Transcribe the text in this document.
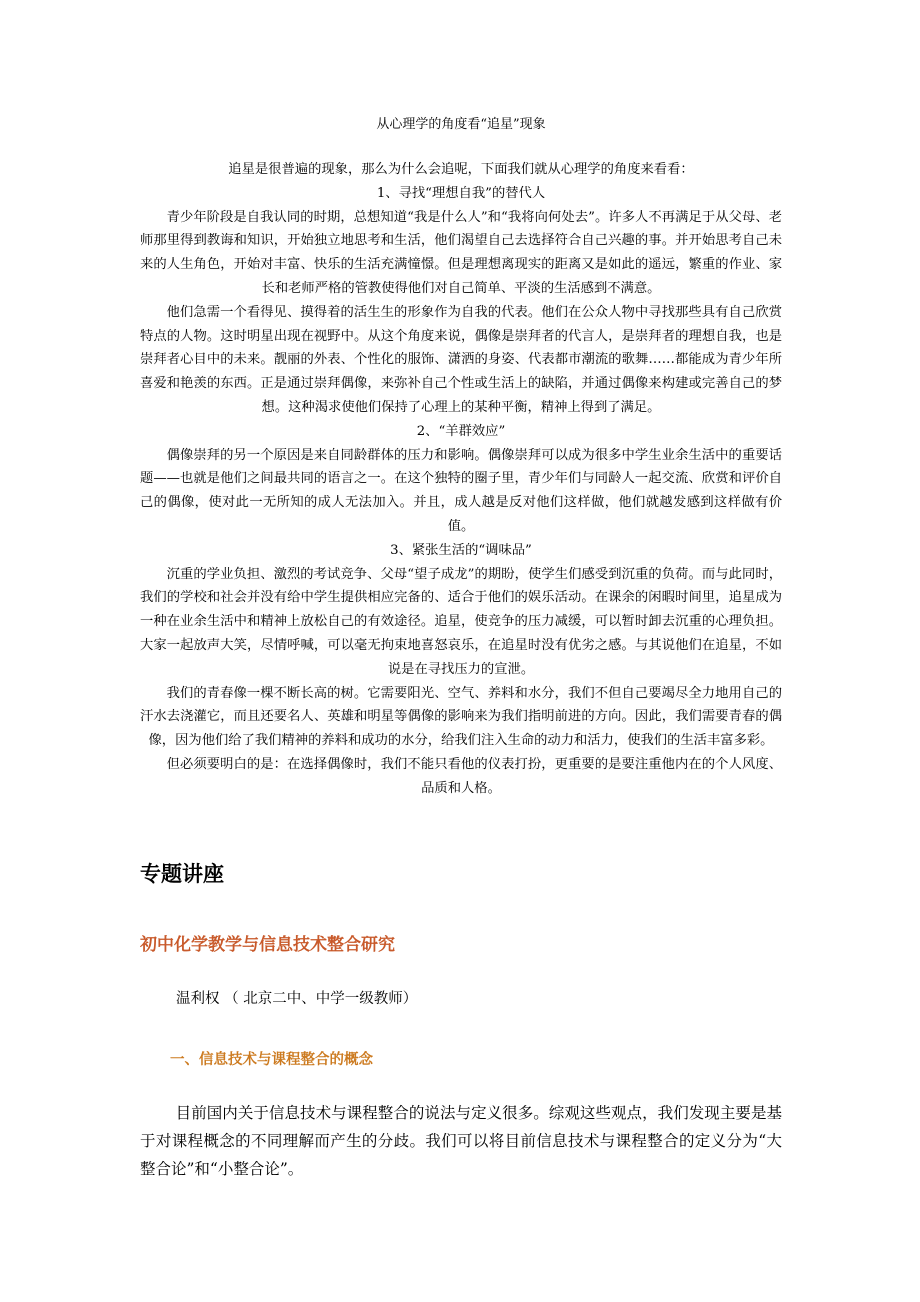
从心理学的角度看“追星”现象

追星是很普遍的现象，那么为什么会追呢，下面我们就从心理学的角度来看看：

1、寻找“理想自我”的替代人

青少年阶段是自我认同的时期，总想知道“我是什么人”和“我将向何处去”。许多人不再满足于从父母、老师那里得到教诲和知识，开始独立地思考和生活，他们渴望自己去选择符合自己兴趣的事。并开始思考自己未来的人生角色，开始对丰富、快乐的生活充满憧憬。但是理想离现实的距离又是如此的遥远，繁重的作业、家长和老师严格的管教使得他们对自己简单、平淡的生活感到不满意。

他们急需一个看得见、摸得着的活生生的形象作为自我的代表。他们在公众人物中寻找那些具有自己欣赏特点的人物。这时明星出现在视野中。从这个角度来说，偶像是崇拜者的代言人，是崇拜者的理想自我，也是崇拜者心目中的未来。靓丽的外表、个性化的服饰、潇洒的身姿、代表都市潮流的歌舞……都能成为青少年所喜爱和艳羡的东西。正是通过崇拜偶像，来弥补自己个性或生活上的缺陷，并通过偶像来构建或完善自己的梦想。这种渴求使他们保持了心理上的某种平衡，精神上得到了满足。

2、“羊群效应”

偶像崇拜的另一个原因是来自同龄群体的压力和影响。偶像崇拜可以成为很多中学生业余生活中的重要话题——也就是他们之间最共同的语言之一。在这个独特的圈子里，青少年们与同龄人一起交流、欣赏和评价自己的偶像，使对此一无所知的成人无法加入。并且，成人越是反对他们这样做，他们就越发感到这样做有价值。

3、紧张生活的“调味品”

沉重的学业负担、激烈的考试竞争、父母“望子成龙”的期盼，使学生们感受到沉重的负荷。而与此同时，我们的学校和社会并没有给中学生提供相应完备的、适合于他们的娱乐活动。在课余的闲暇时间里，追星成为一种在业余生活中和精神上放松自己的有效途径。追星，使竞争的压力减缓，可以暂时卸去沉重的心理负担。大家一起放声大笑，尽情呼喊，可以毫无拘束地喜怒哀乐，在追星时没有优劣之感。与其说他们在追星，不如说是在寻找压力的宣泄。

我们的青春像一棵不断长高的树。它需要阳光、空气、养料和水分，我们不但自己要竭尽全力地用自己的汗水去浇灌它，而且还要名人、英雄和明星等偶像的影响来为我们指明前进的方向。因此，我们需要青春的偶像，因为他们给了我们精神的养料和成功的水分，给我们注入生命的动力和活力，使我们的生活丰富多彩。

但必须要明白的是：在选择偶像时，我们不能只看他的仪表打扮，更重要的是要注重他内在的个人风度、品质和人格。

专题讲座
初中化学教学与信息技术整合研究
温利权 （ 北京二中、中学一级教师）
一、信息技术与课程整合的概念

目前国内关于信息技术与课程整合的说法与定义很多。综观这些观点，我们发现主要是基于对课程概念的不同理解而产生的分歧。我们可以将目前信息技术与课程整合的定义分为“大整合论”和“小整合论”。
